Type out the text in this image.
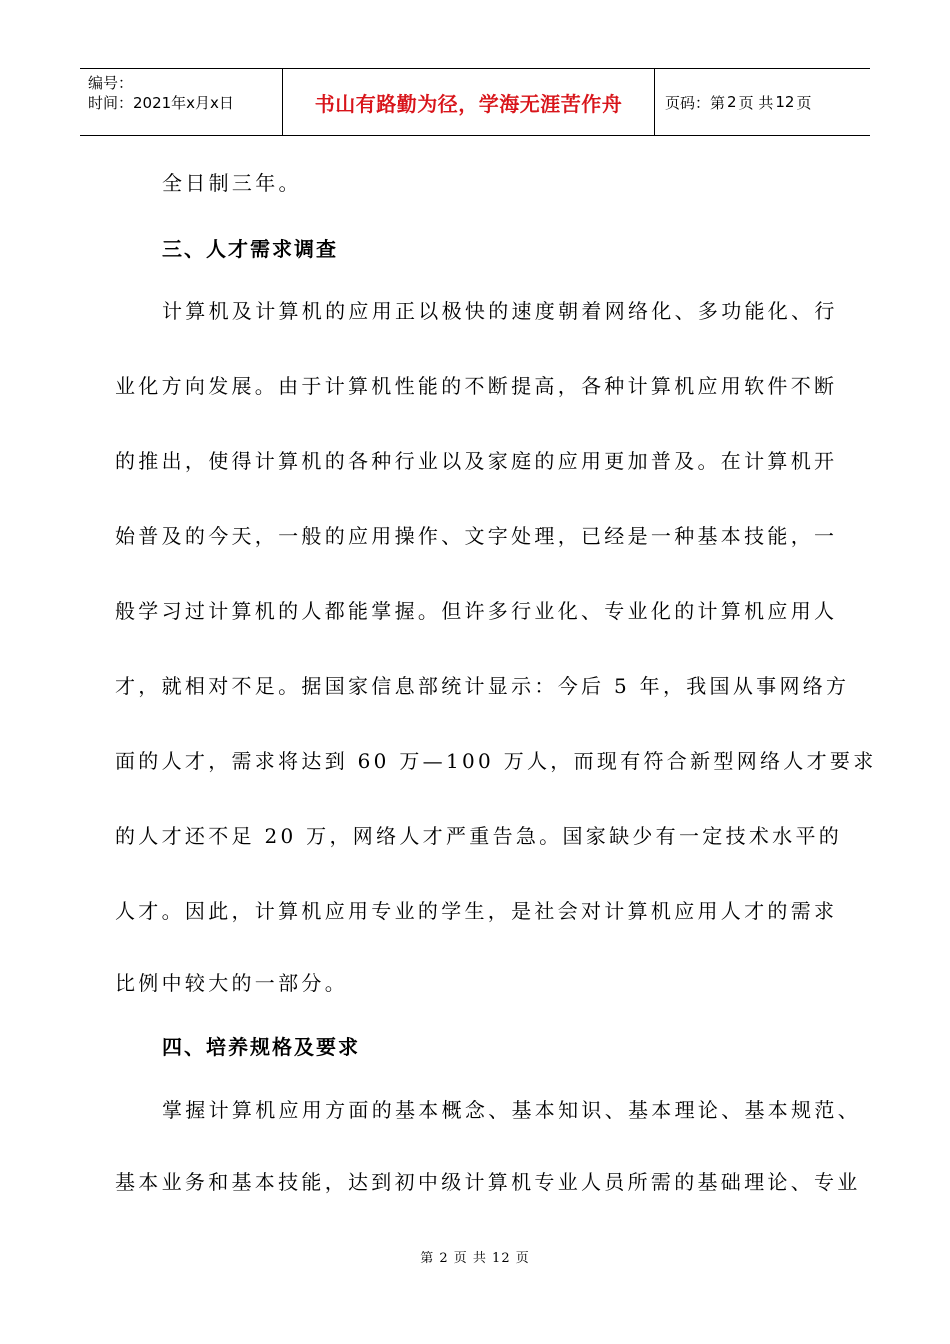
编号：
时间：2021年x月x日	书山有路勤为径，学海无涯苦作舟	页码：第 2 页 共 12 页
全日制三年。
三、人才需求调查
计算机及计算机的应用正以极快的速度朝着网络化、多功能化、行
业化方向发展。由于计算机性能的不断提高，各种计算机应用软件不断
的推出，使得计算机的各种行业以及家庭的应用更加普及。在计算机开
始普及的今天，一般的应用操作、文字处理，已经是一种基本技能，一
般学习过计算机的人都能掌握。但许多行业化、专业化的计算机应用人
才，就相对不足。据国家信息部统计显示：今后 5 年，我国从事网络方
面的人才，需求将达到 60 万—100 万人，而现有符合新型网络人才要求
的人才还不足 20 万，网络人才严重告急。国家缺少有一定技术水平的
人才。因此，计算机应用专业的学生，是社会对计算机应用人才的需求
比例中较大的一部分。
四、培养规格及要求
掌握计算机应用方面的基本概念、基本知识、基本理论、基本规范、
基本业务和基本技能，达到初中级计算机专业人员所需的基础理论、专业
第 2 页 共 12 页
